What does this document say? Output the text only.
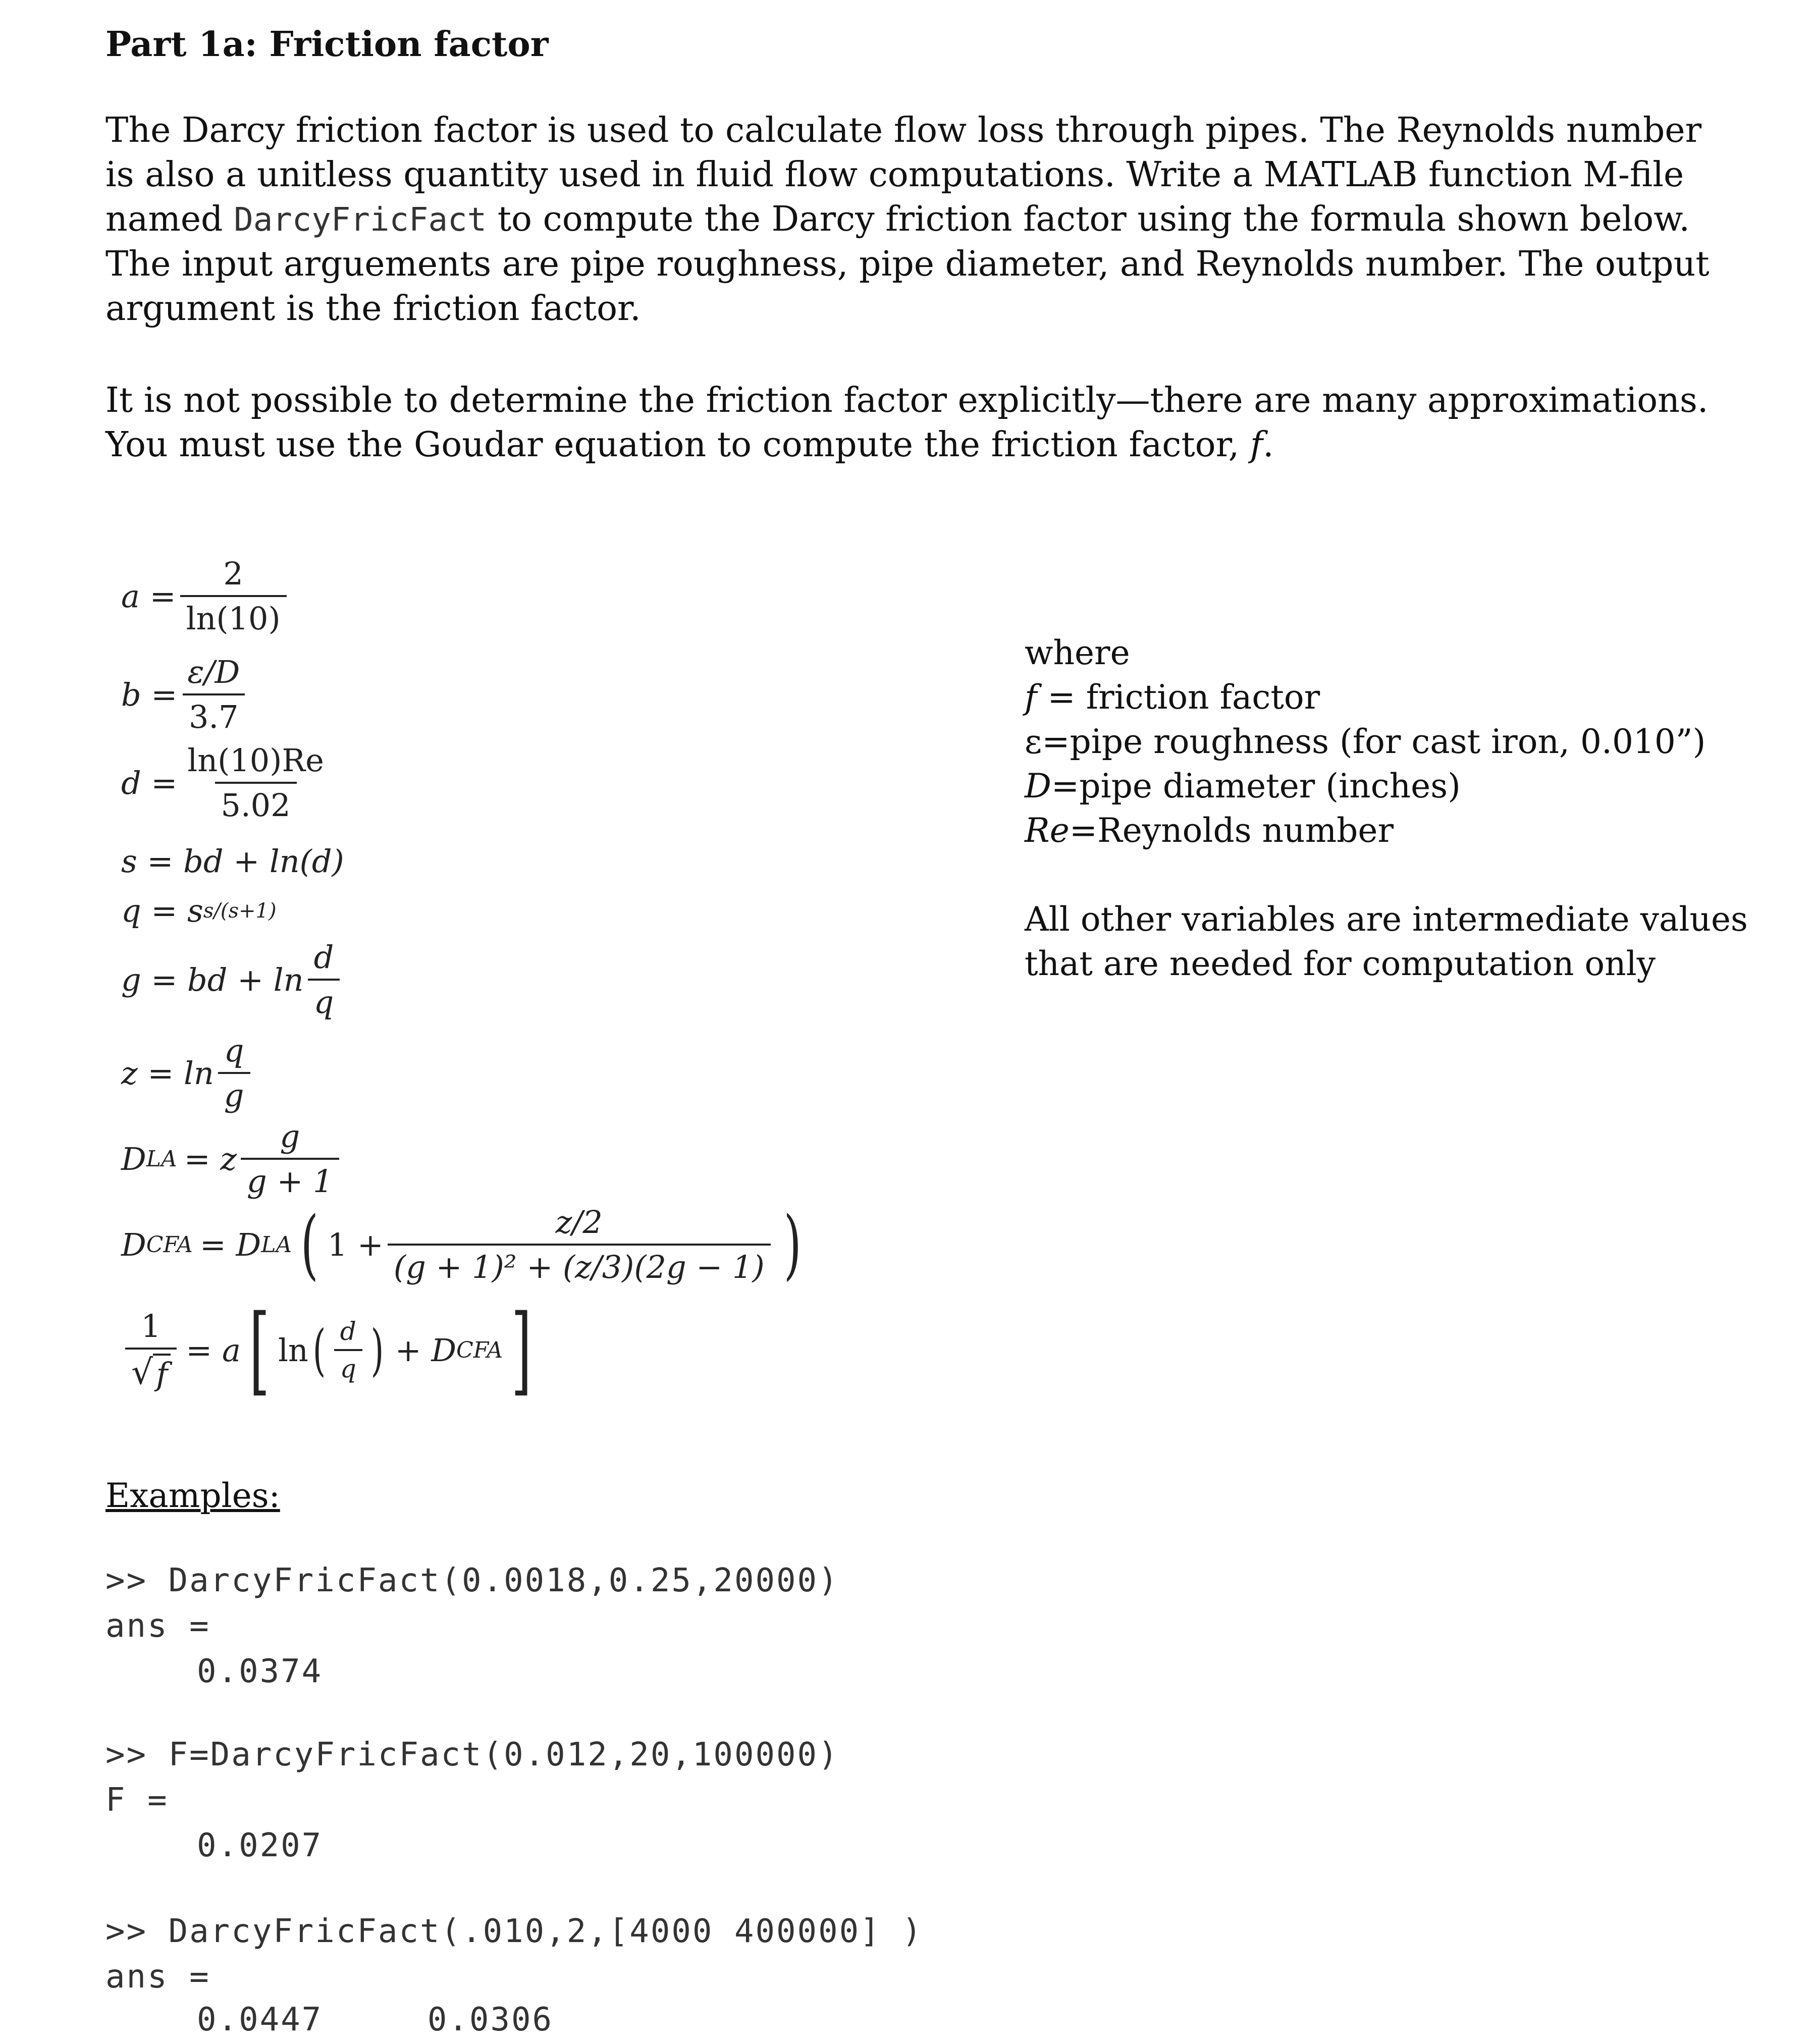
Part 1a: Friction factor

The Darcy friction factor is used to calculate flow loss through pipes. The Reynolds number is also a unitless quantity used in fluid flow computations. Write a MATLAB function M-file named DarcyFricFact to compute the Darcy friction factor using the formula shown below. The input arguements are pipe roughness, pipe diameter, and Reynolds number. The output argument is the friction factor.

It is not possible to determine the friction factor explicitly—there are many approximations. You must use the Goudar equation to compute the friction factor, f.

$a = \frac{2}{\ln(10)}$
$b = \frac{\varepsilon/D}{3.7}$
$d = \frac{\ln(10)Re}{5.02}$
s = bd + ln(d)
q = s s/(s+1)
g = bd + $\ln \frac{d}{q}$
$z = \ln \frac{q}{g}$
D LA = z $\frac{g}{g + 1}$
D CFA = D LA ( $1 + \frac{z/2}{\text{(g + 1)² + (z/3)(2g − 1)}}$ )
$\frac{1}{√ f} = a$ [ ln ( $\frac{d}{q}$ ) + D CFA ]

where

f = friction factor

ε=pipe roughness (for cast iron, 0.010”)

D=pipe diameter (inches)

Re=Reynolds number

All other variables are intermediate values that are needed for computation only

Examples:

>> DarcyFricFact(0.0018,0.25,20000)
ans =
0.0374
>> F=DarcyFricFact(0.012,20,100000)
F =
0.0207
>> DarcyFricFact(.010,2,[4000 400000] )
ans =
0.0447     0.0306
